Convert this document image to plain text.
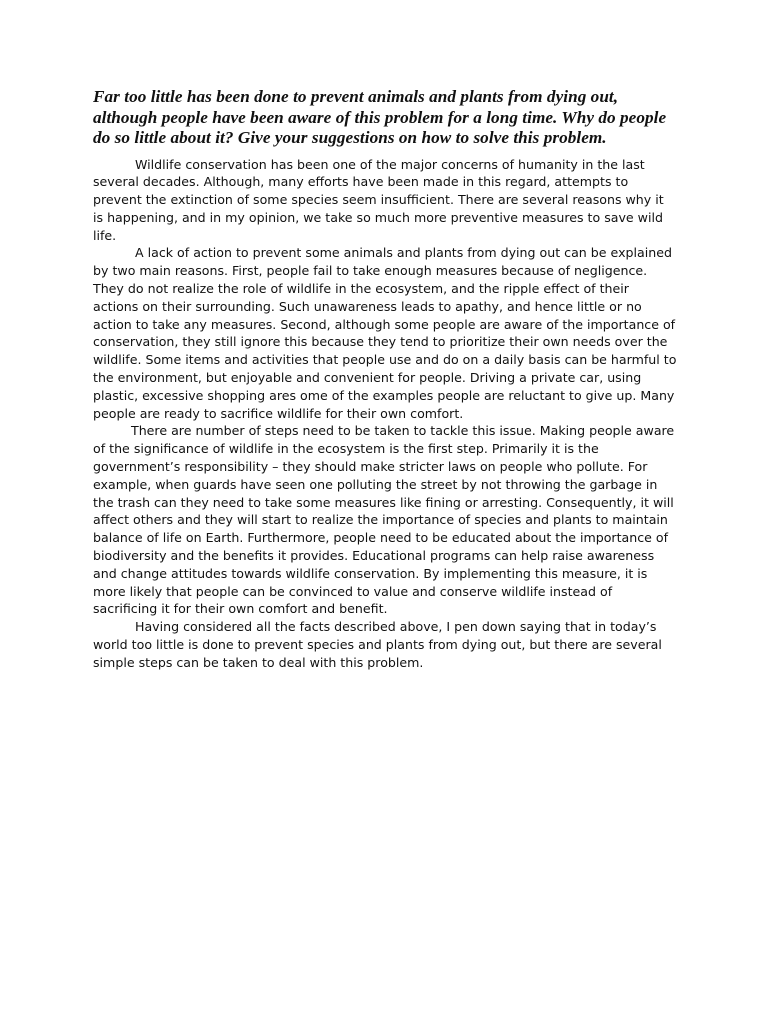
Far too little has been done to prevent animals and plants from dying out, although people have been aware of this problem for a long time. Why do people do so little about it? Give your suggestions on how to solve this problem.

Wildlife conservation has been one of the major concerns of humanity in the last several decades. Although, many efforts have been made in this regard, attempts to prevent the extinction of some species seem insufficient. There are several reasons why it is happening, and in my opinion, we take so much more preventive measures to save wild life.

A lack of action to prevent some animals and plants from dying out can be explained by two main reasons. First, people fail to take enough measures because of negligence. They do not realize the role of wildlife in the ecosystem, and the ripple effect of their actions on their surrounding. Such unawareness leads to apathy, and hence little or no action to take any measures. Second, although some people are aware of the importance of conservation, they still ignore this because they tend to prioritize their own needs over the wildlife. Some items and activities that people use and do on a daily basis can be harmful to the environment, but enjoyable and convenient for people. Driving a private car, using plastic, excessive shopping ares ome of the examples people are reluctant to give up. Many people are ready to sacrifice wildlife for their own comfort.

There are number of steps need to be taken to tackle this issue. Making people aware of the significance of wildlife in the ecosystem is the first step. Primarily it is the government’s responsibility – they should make stricter laws on people who pollute. For example, when guards have seen one polluting the street by not throwing the garbage in the trash can they need to take some measures like fining or arresting. Consequently, it will affect others and they will start to realize the importance of species and plants to maintain balance of life on Earth. Furthermore, people need to be educated about the importance of biodiversity and the benefits it provides. Educational programs can help raise awareness and change attitudes towards wildlife conservation. By implementing this measure, it is more likely that people can be convinced to value and conserve wildlife instead of sacrificing it for their own comfort and benefit.

Having considered all the facts described above, I pen down saying that in today’s world too little is done to prevent species and plants from dying out, but there are several simple steps can be taken to deal with this problem.
